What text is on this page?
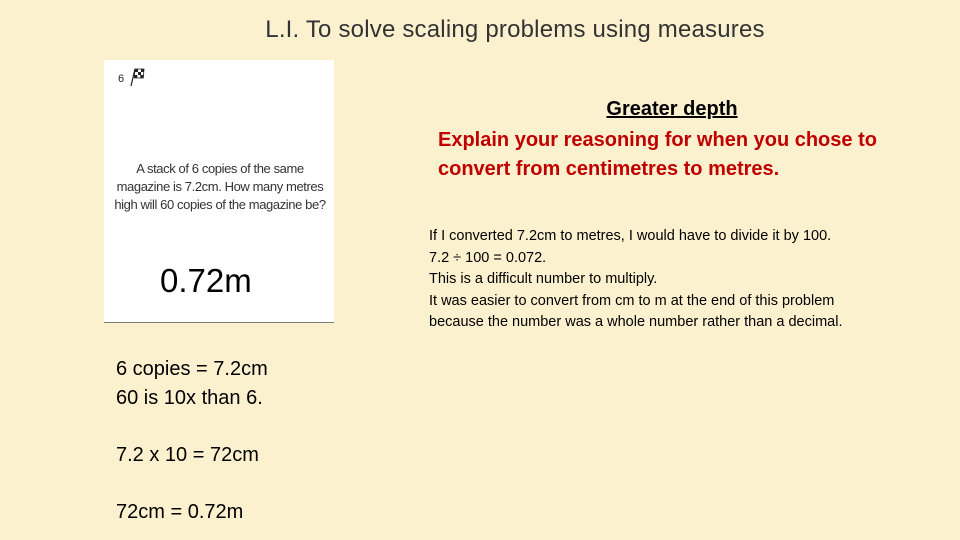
L.I. To solve scaling problems using measures
6
A stack of 6 copies of the same magazine is 7.2cm. How many metres high will 60 copies of the magazine be?
0.72m
6 copies = 7.2cm
60 is 10x than 6.
7.2 x 10 = 72cm
72cm = 0.72m
Greater depth
Explain your reasoning for when you chose to convert from centimetres to metres.
If I converted 7.2cm to metres, I would have to divide it by 100.
7.2 ÷ 100 = 0.072.
This is a difficult number to multiply.
It was easier to convert from cm to m at the end of this problem
because the number was a whole number rather than a decimal.
